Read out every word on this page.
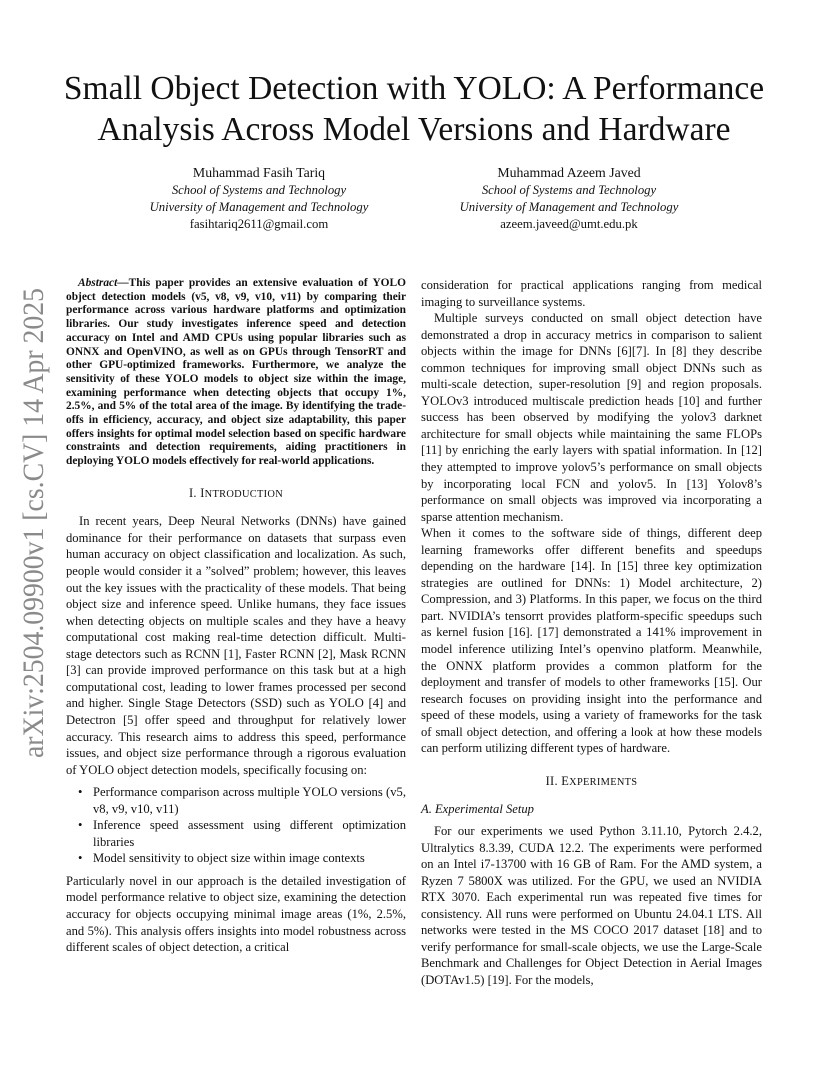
arXiv:2504.09900v1 [cs.CV] 14 Apr 2025
Small Object Detection with YOLO: A Performance
Analysis Across Model Versions and Hardware
Muhammad Fasih Tariq
School of Systems and Technology
University of Management and Technology
fasihtariq2611@gmail.com
Muhammad Azeem Javed
School of Systems and Technology
University of Management and Technology
azeem.javeed@umt.edu.pk

Abstract—This paper provides an extensive evaluation of YOLO object detection models (v5, v8, v9, v10, v11) by comparing their performance across various hardware platforms and optimization libraries. Our study investigates inference speed and detection accuracy on Intel and AMD CPUs using popular libraries such as ONNX and OpenVINO, as well as on GPUs through TensorRT and other GPU-optimized frameworks. Furthermore, we analyze the sensitivity of these YOLO models to object size within the image, examining performance when detecting objects that occupy 1%, 2.5%, and 5% of the total area of the image. By identifying the trade-offs in efficiency, accuracy, and object size adaptability, this paper offers insights for optimal model selection based on specific hardware constraints and detection requirements, aiding practitioners in deploying YOLO models effectively for real-world applications.

I. INTRODUCTION

In recent years, Deep Neural Networks (DNNs) have gained dominance for their performance on datasets that surpass even human accuracy on object classification and localization. As such, people would consider it a ”solved” problem; however, this leaves out the key issues with the practicality of these models. That being object size and inference speed. Unlike humans, they face issues when detecting objects on multiple scales and they have a heavy computational cost making real-time detection difficult. Multi-stage detectors such as RCNN [1], Faster RCNN [2], Mask RCNN [3] can provide improved performance on this task but at a high computational cost, leading to lower frames processed per second and higher. Single Stage Detectors (SSD) such as YOLO [4] and Detectron [5] offer speed and throughput for relatively lower accuracy. This research aims to address this speed, performance issues, and object size performance through a rigorous evaluation of YOLO object detection models, specifically focusing on:

• Performance comparison across multiple YOLO versions (v5, v8, v9, v10, v11)
• Inference speed assessment using different optimization libraries
• Model sensitivity to object size within image contexts

Particularly novel in our approach is the detailed investigation of model performance relative to object size, examining the detection accuracy for objects occupying minimal image areas (1%, 2.5%, and 5%). This analysis offers insights into model robustness across different scales of object detection, a critical

consideration for practical applications ranging from medical imaging to surveillance systems.

Multiple surveys conducted on small object detection have demonstrated a drop in accuracy metrics in comparison to salient objects within the image for DNNs [6][7]. In [8] they describe common techniques for improving small object DNNs such as multi-scale detection, super-resolution [9] and region proposals. YOLOv3 introduced multiscale prediction heads [10] and further success has been observed by modifying the yolov3 darknet architecture for small objects while maintaining the same FLOPs [11] by enriching the early layers with spatial information. In [12] they attempted to improve yolov5’s performance on small objects by incorporating local FCN and yolov5. In [13] Yolov8’s performance on small objects was improved via incorporating a sparse attention mechanism.

When it comes to the software side of things, different deep learning frameworks offer different benefits and speedups depending on the hardware [14]. In [15] three key optimization strategies are outlined for DNNs: 1) Model architecture, 2) Compression, and 3) Platforms. In this paper, we focus on the third part. NVIDIA’s tensorrt provides platform-specific speedups such as kernel fusion [16]. [17] demonstrated a 141% improvement in model inference utilizing Intel’s openvino platform. Meanwhile, the ONNX platform provides a common platform for the deployment and transfer of models to other frameworks [15]. Our research focuses on providing insight into the performance and speed of these models, using a variety of frameworks for the task of small object detection, and offering a look at how these models can perform utilizing different types of hardware.

II. EXPERIMENTS
A. Experimental Setup

For our experiments we used Python 3.11.10, Pytorch 2.4.2, Ultralytics 8.3.39, CUDA 12.2. The experiments were performed on an Intel i7-13700 with 16 GB of Ram. For the AMD system, a Ryzen 7 5800X was utilized. For the GPU, we used an NVIDIA RTX 3070. Each experimental run was repeated five times for consistency. All runs were performed on Ubuntu 24.04.1 LTS. All networks were tested in the MS COCO 2017 dataset [18] and to verify performance for small-scale objects, we use the Large-Scale Benchmark and Challenges for Object Detection in Aerial Images (DOTAv1.5) [19]. For the models,
